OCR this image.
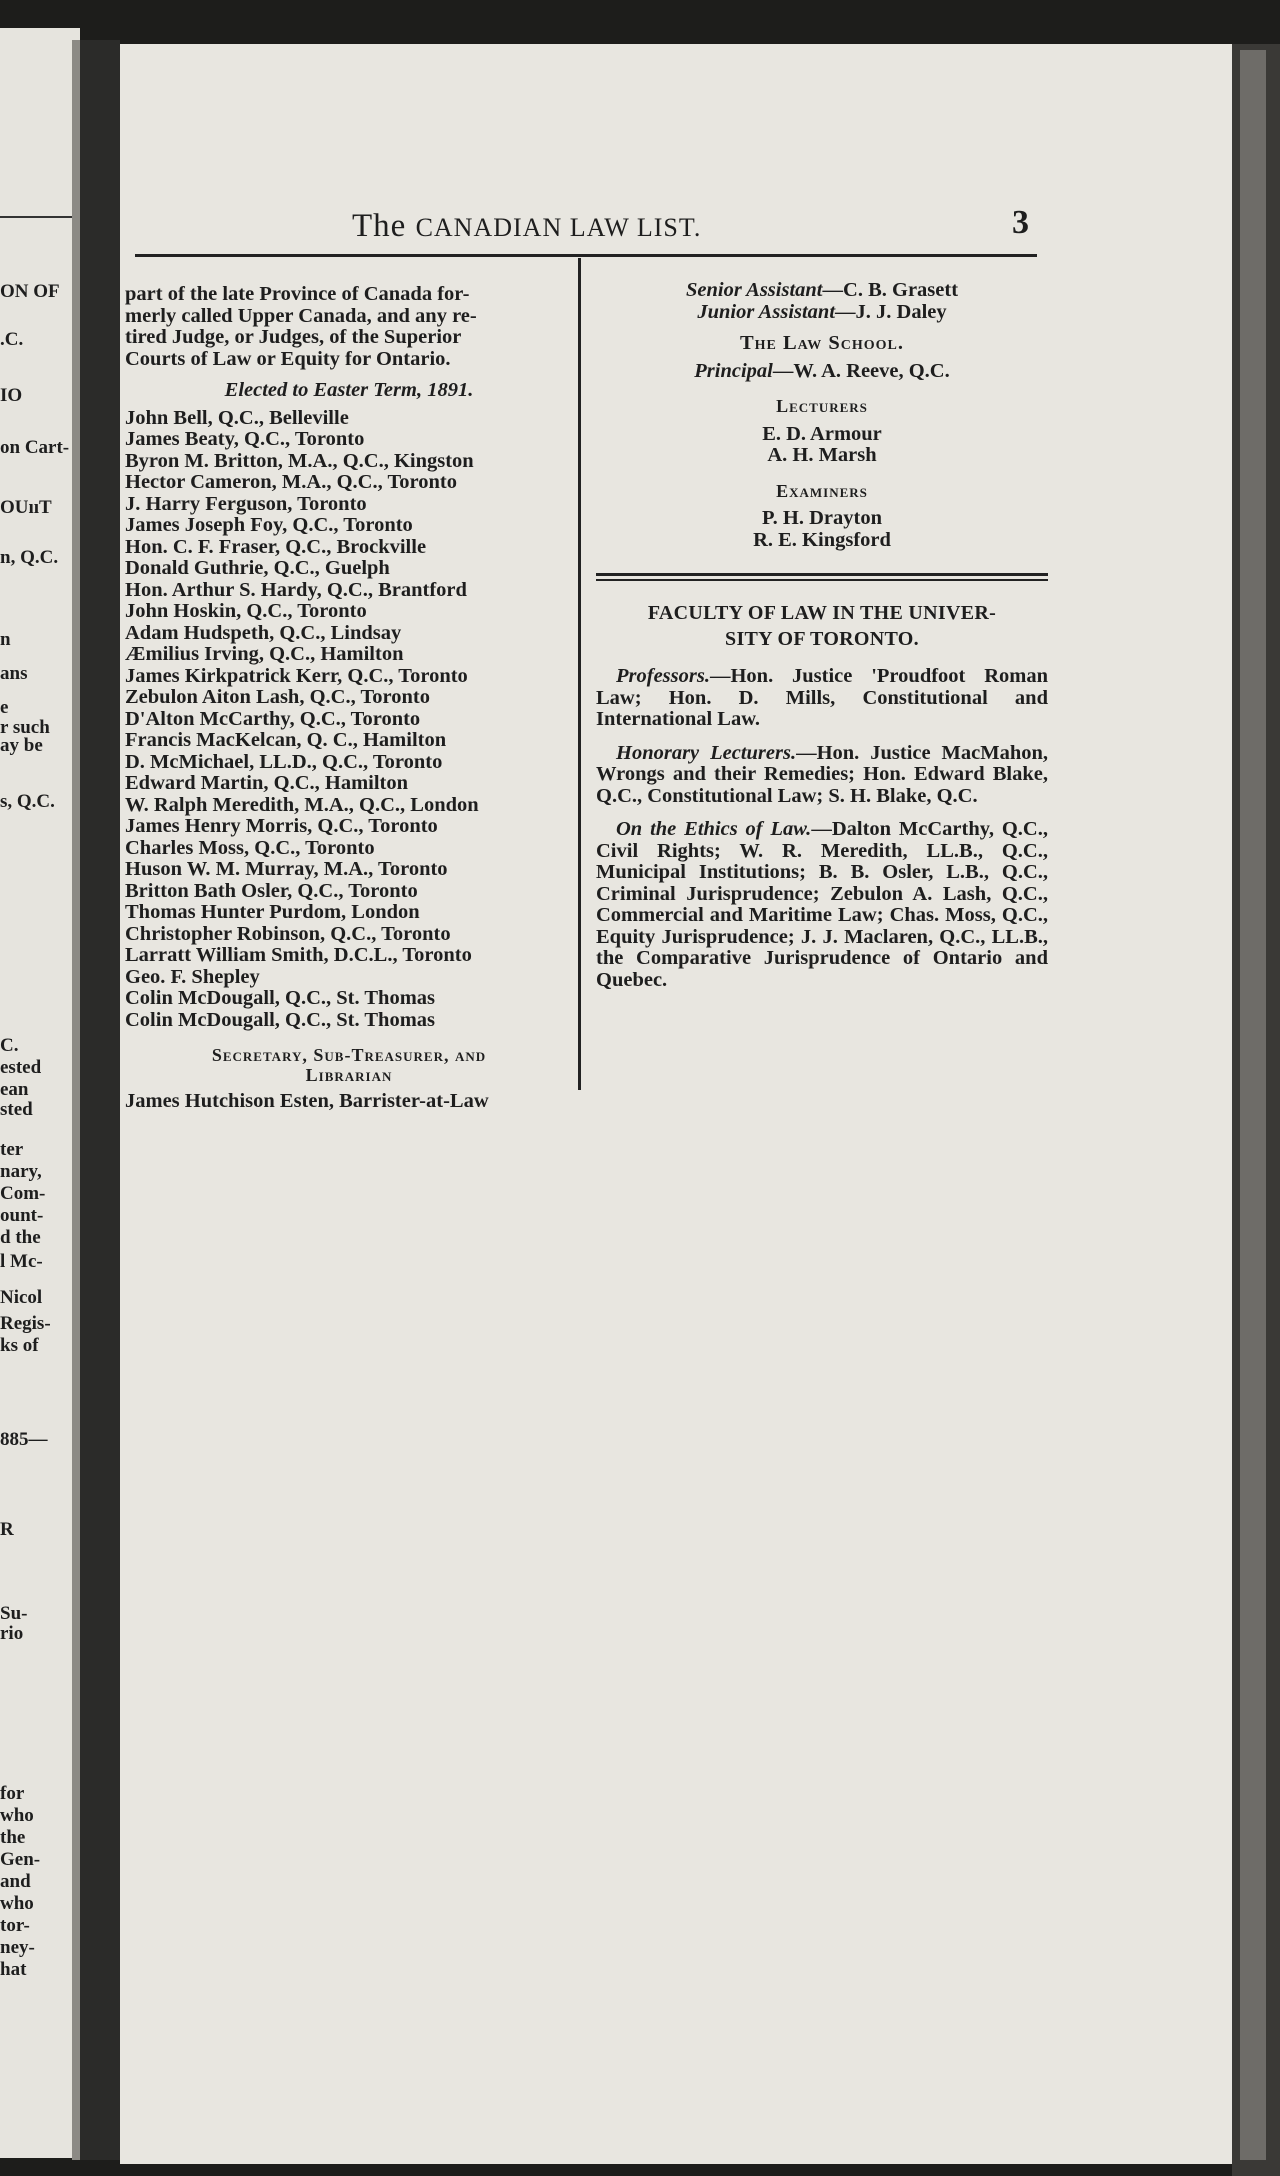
ON OF
.C.
IO
on Cart-
OUııT
n, Q.C.
n
ans
e
r such
ay be
s, Q.C.
C.
ested
ean
sted
ter
nary,
Com-
ount-
d the
l Mc-
Nicol
Regis-
ks of
885—
R
Su-
rio
for
who
the
Gen-
and
who
tor-
ney-
hat
The CANADIAN LAW LIST.	3
part of the late Province of Canada for-
merly called Upper Canada, and any re-
tired Judge, or Judges, of the Superior
Courts of Law or Equity for Ontario.
Elected to Easter Term, 1891.
John Bell, Q.C., Belleville
James Beaty, Q.C., Toronto
Byron M. Britton, M.A., Q.C., Kingston
Hector Cameron, M.A., Q.C., Toronto
J. Harry Ferguson, Toronto
James Joseph Foy, Q.C., Toronto
Hon. C. F. Fraser, Q.C., Brockville
Donald Guthrie, Q.C., Guelph
Hon. Arthur S. Hardy, Q.C., Brantford
John Hoskin, Q.C., Toronto
Adam Hudspeth, Q.C., Lindsay
Æmilius Irving, Q.C., Hamilton
James Kirkpatrick Kerr, Q.C., Toronto
Zebulon Aiton Lash, Q.C., Toronto
D'Alton McCarthy, Q.C., Toronto
Francis MacKelcan, Q. C., Hamilton
D. McMichael, LL.D., Q.C., Toronto
Edward Martin, Q.C., Hamilton
W. Ralph Meredith, M.A., Q.C., London
James Henry Morris, Q.C., Toronto
Charles Moss, Q.C., Toronto
Huson W. M. Murray, M.A., Toronto
Britton Bath Osler, Q.C., Toronto
Thomas Hunter Purdom, London
Christopher Robinson, Q.C., Toronto
Larratt William Smith, D.C.L., Toronto
Geo. F. Shepley
Colin McDougall, Q.C., St. Thomas
Colin McDougall, Q.C., St. Thomas
Secretary, Sub-Treasurer, and
Librarian
James Hutchison Esten, Barrister-at-Law
Senior Assistant—C. B. Grasett
Junior Assistant—J. J. Daley
The Law School.
Principal—W. A. Reeve, Q.C.
Lecturers
E. D. Armour
A. H. Marsh
Examiners
P. H. Drayton
R. E. Kingsford
FACULTY OF LAW IN THE UNIVER-
SITY OF TORONTO.

Professors.—Hon. Justice 'Proudfoot Roman Law; Hon. D. Mills, Constitutional and International Law.

Honorary Lecturers.—Hon. Justice MacMahon, Wrongs and their Remedies; Hon. Edward Blake, Q.C., Constitutional Law; S. H. Blake, Q.C.

On the Ethics of Law.—Dalton McCarthy, Q.C., Civil Rights; W. R. Meredith, LL.B., Q.C., Municipal Institutions; B. B. Osler, L.B., Q.C., Criminal Jurisprudence; Zebulon A. Lash, Q.C., Commercial and Maritime Law; Chas. Moss, Q.C., Equity Jurisprudence; J. J. Maclaren, Q.C., LL.B., the Comparative Jurisprudence of Ontario and Quebec.
